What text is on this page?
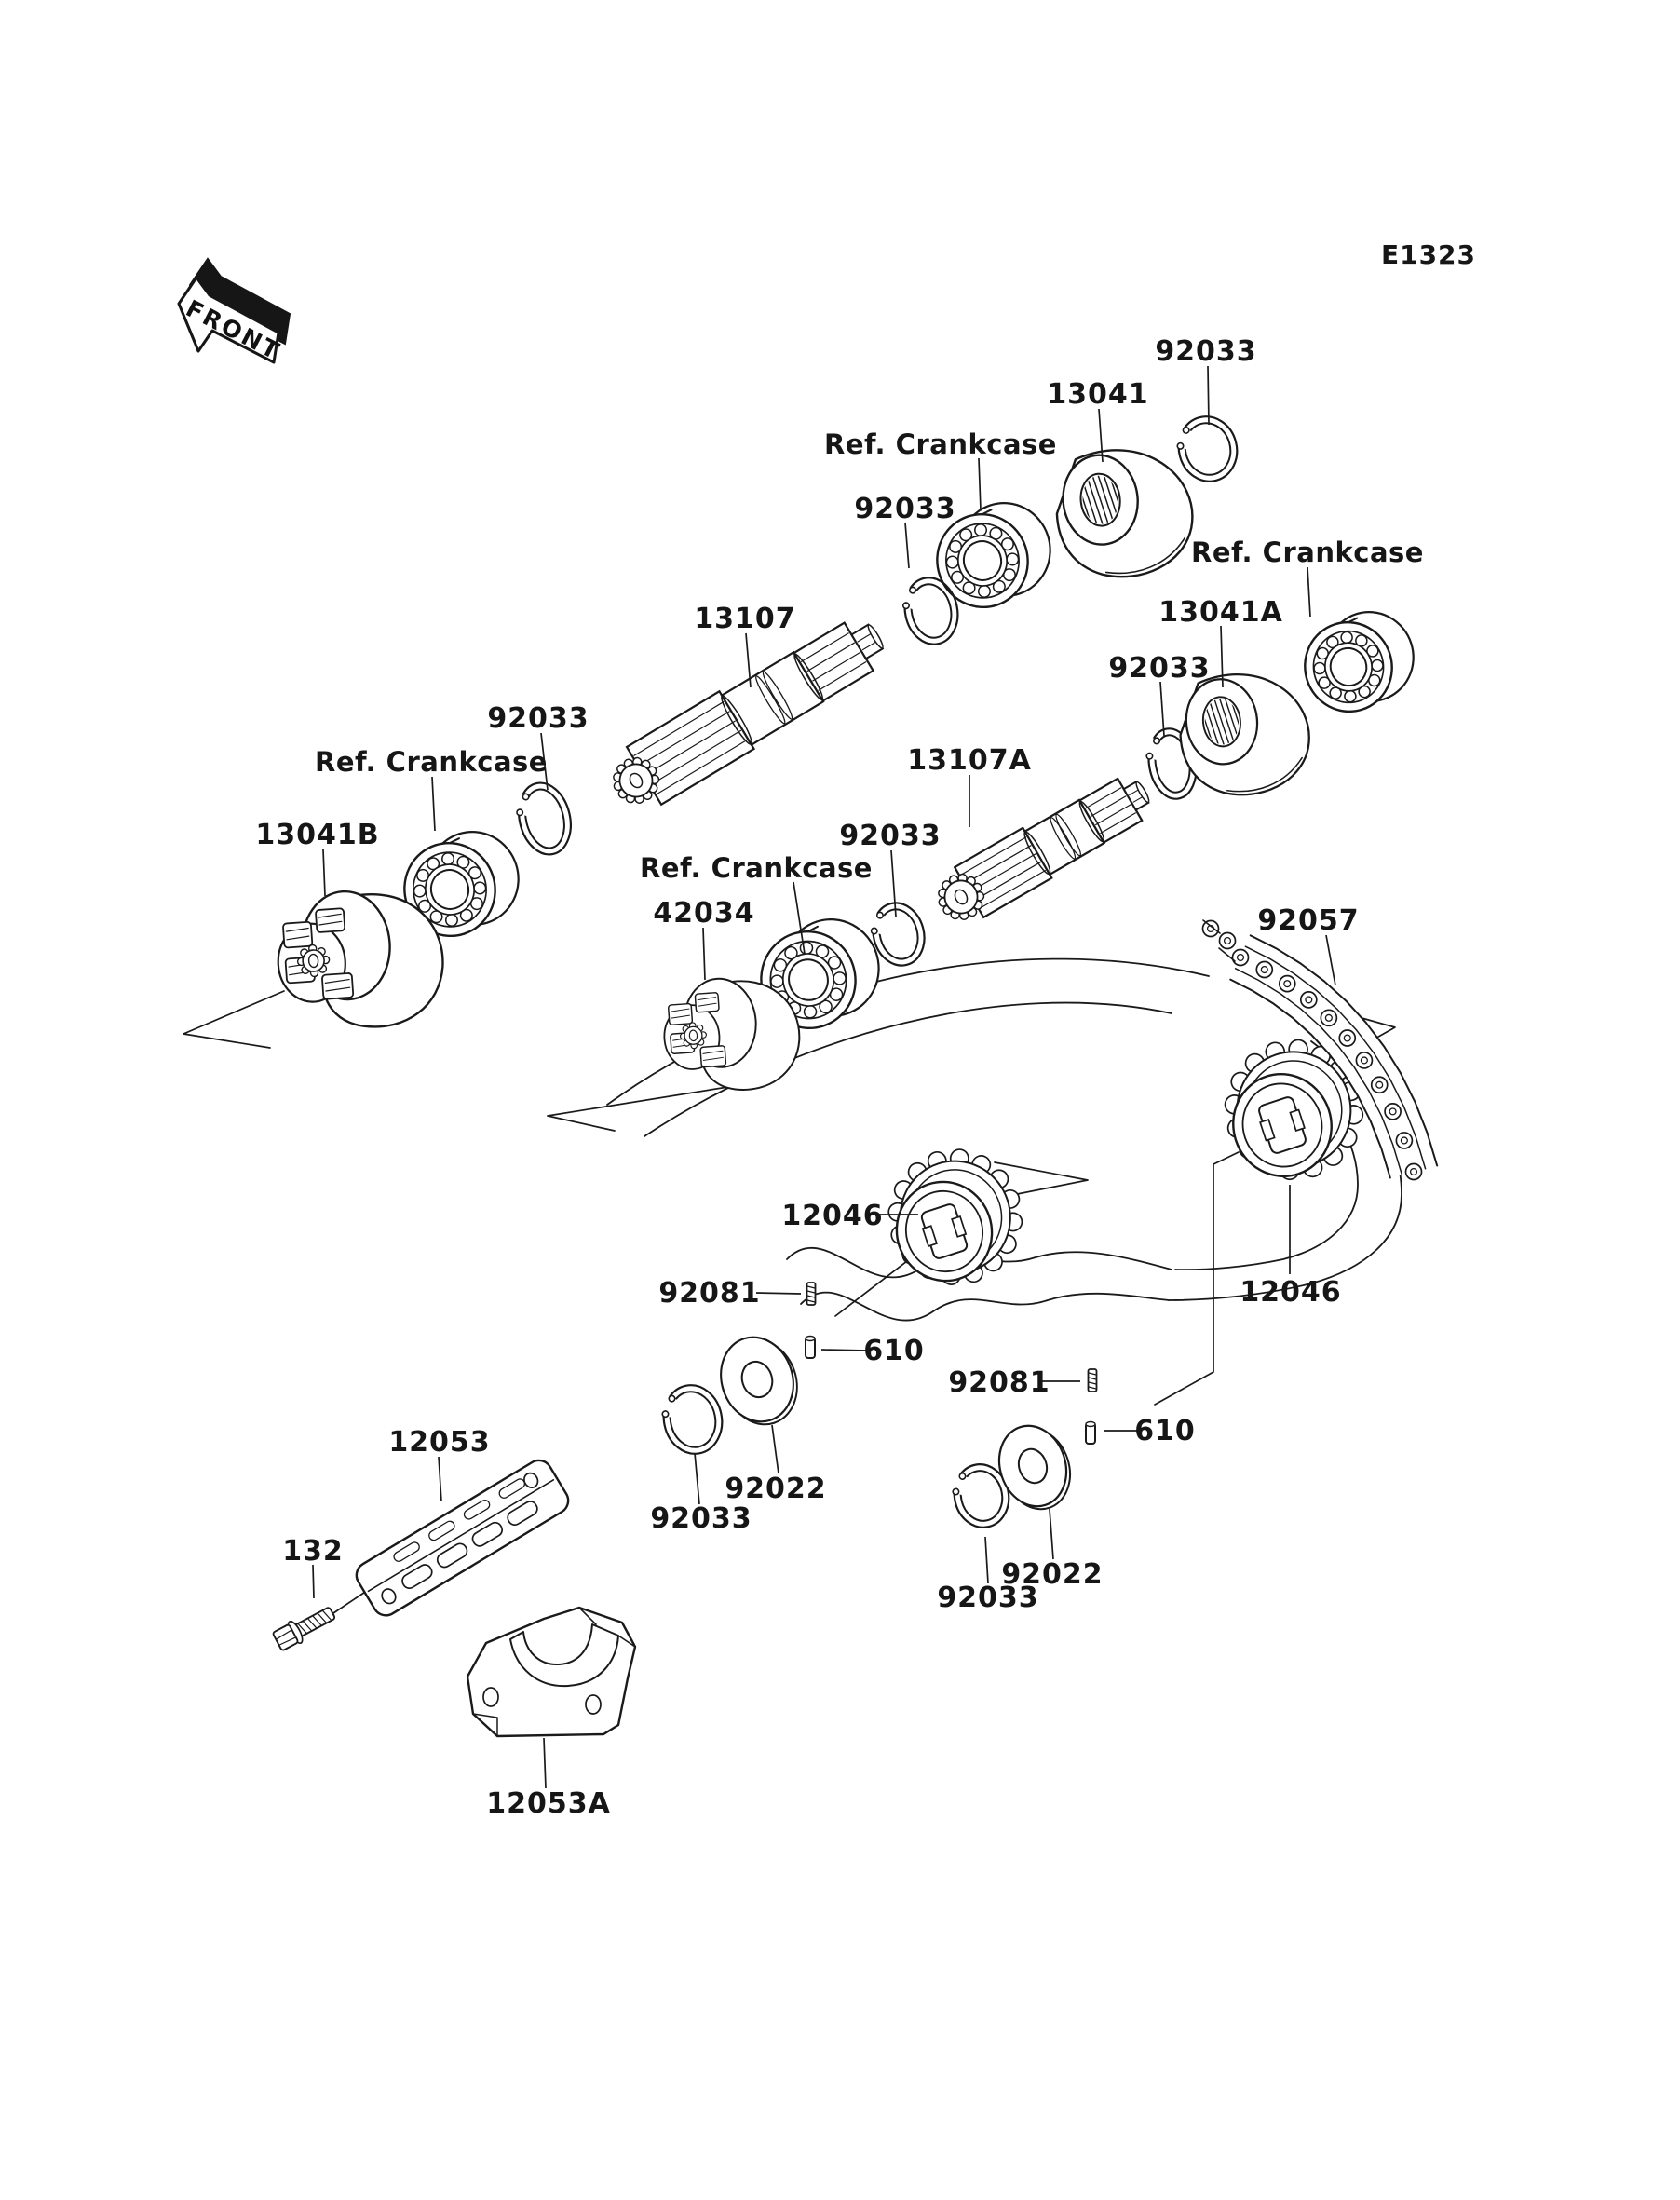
FRONT
E1323
92033
13041
Ref. Crankcase
92033
13107
Ref. Crankcase
13041A
92033
13107A
92033
Ref. Crankcase
13041B
42034
Ref. Crankcase
92033
92057
12046
12046
92081
610
92081
610
92022
92033
92022
92033
12053
132
12053A
